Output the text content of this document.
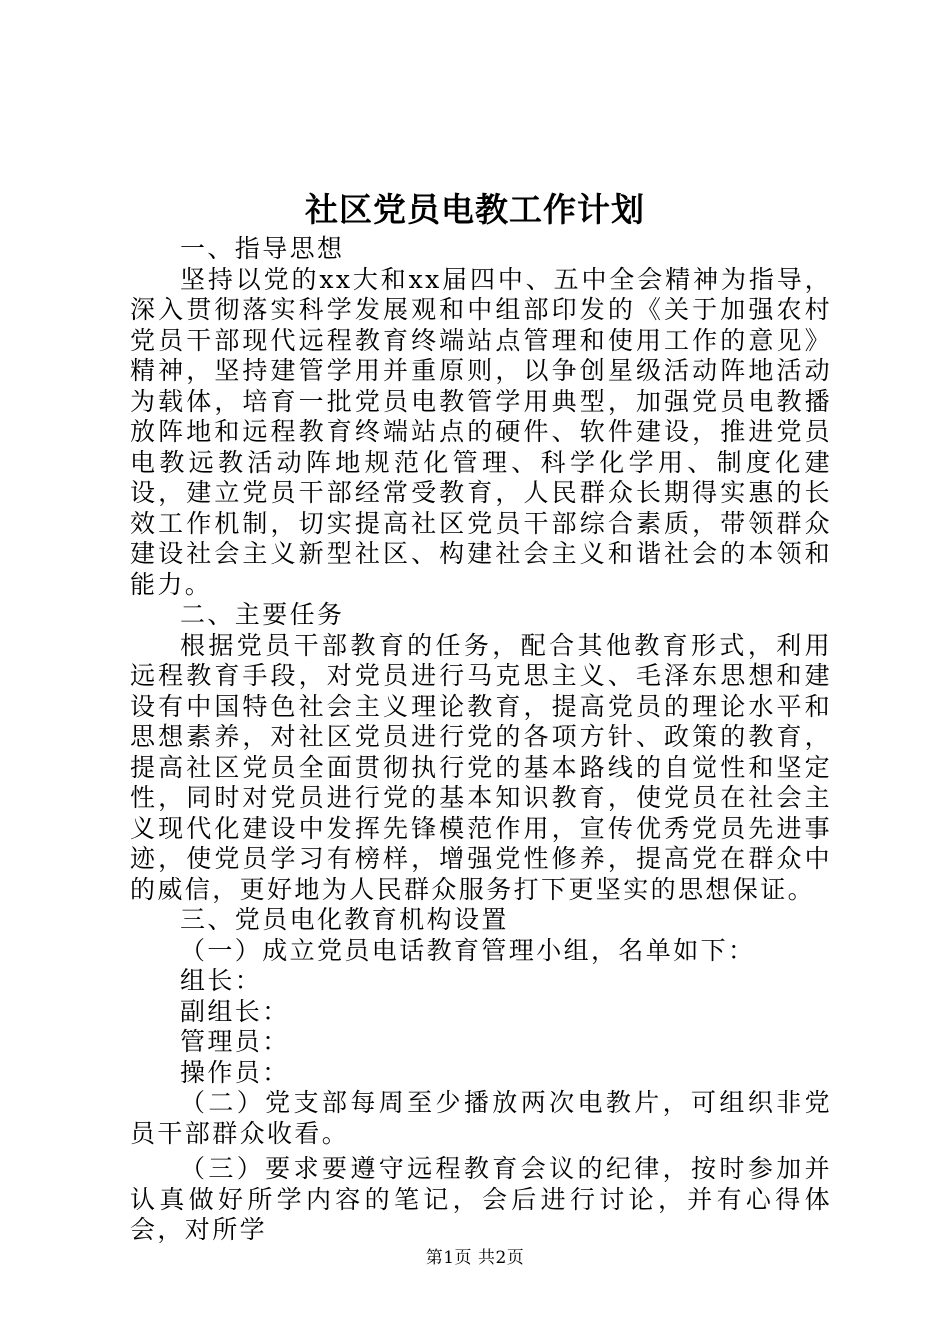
社区党员电教工作计划

一、指导思想

坚持以党的xx大和xx届四中、五中全会精神为指导，深入贯彻落实科学发展观和中组部印发的《关于加强农村党员干部现代远程教育终端站点管理和使用工作的意见》精神，坚持建管学用并重原则，以争创星级活动阵地活动为载体，培育一批党员电教管学用典型，加强党员电教播放阵地和远程教育终端站点的硬件、软件建设，推进党员电教远教活动阵地规范化管理、科学化学用、制度化建设，建立党员干部经常受教育，人民群众长期得实惠的长效工作机制，切实提高社区党员干部综合素质，带领群众建设社会主义新型社区、构建社会主义和谐社会的本领和能力。

二、主要任务

根据党员干部教育的任务，配合其他教育形式，利用远程教育手段，对党员进行马克思主义、毛泽东思想和建设有中国特色社会主义理论教育，提高党员的理论水平和思想素养，对社区党员进行党的各项方针、政策的教育，提高社区党员全面贯彻执行党的基本路线的自觉性和坚定性，同时对党员进行党的基本知识教育，使党员在社会主义现代化建设中发挥先锋模范作用，宣传优秀党员先进事迹，使党员学习有榜样，增强党性修养，提高党在群众中的威信，更好地为人民群众服务打下更坚实的思想保证。

三、党员电化教育机构设置

（一）成立党员电话教育管理小组，名单如下：

组长：

副组长：

管理员：

操作员：

（二）党支部每周至少播放两次电教片，可组织非党员干部群众收看。

（三）要求要遵守远程教育会议的纪律，按时参加并认真做好所学内容的笔记，会后进行讨论，并有心得体会，对所学

第1页 共2页
